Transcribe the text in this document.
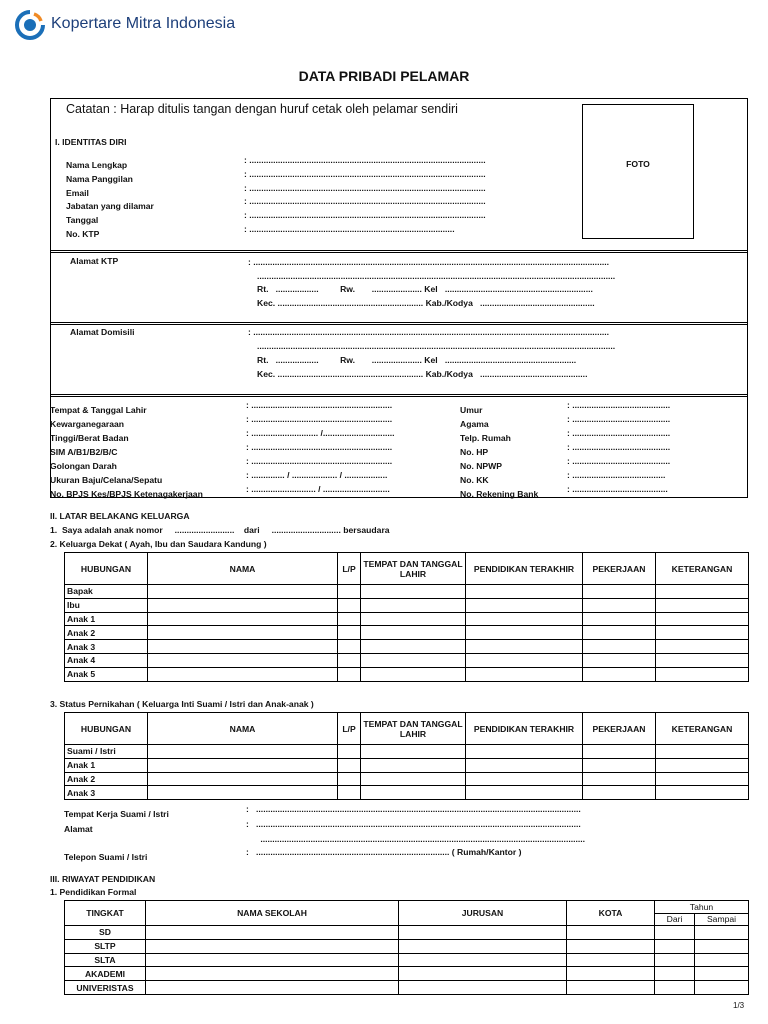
Kopertare Mitra Indonesia
DATA PRIBADI PELAMAR
Catatan : Harap ditulis tangan dengan huruf cetak oleh pelamar sendiri
FOTO
I. IDENTITAS DIRI
Nama Lengkap	: ...................................................................................................
Nama Panggilan	: ...................................................................................................
Email	: ...................................................................................................
Jabatan yang dilamar	: ...................................................................................................
Tanggal	: ...................................................................................................
No. KTP	: ......................................................................................
Alamat KTP	: .....................................................................................................................................................
......................................................................................................................................................
Rt.   ..................         Rw.       ..................... Kel   ..............................................................
Kec. ............................................................. Kab./Kodya   ................................................
Alamat Domisili	: .....................................................................................................................................................
......................................................................................................................................................
Rt.   ..................         Rw.       ..................... Kel   .......................................................
Kec. ............................................................. Kab./Kodya   .............................................
Tempat & Tanggal Lahir	: ...........................................................
Kewarganegaraan	: ...........................................................
Tinggi/Berat Badan	: ............................ /..............................
SIM A/B1/B2/B/C	: ...........................................................
Golongan Darah	: ...........................................................
Ukuran Baju/Celana/Sepatu	: .............. / ................... / ..................
No. BPJS Kes/BPJS Ketenagakerjaan	: ........................... / ............................
Umur	: .........................................
Agama	: .........................................
Telp. Rumah	: .........................................
No. HP	: .........................................
No. NPWP	: .........................................
No. KK	: .......................................
No. Rekening Bank	: ........................................
II. LATAR BELAKANG KELUARGA
1.  Saya adalah anak nomor     .........................    dari     ............................. bersaudara
2. Keluarga Dekat ( Ayah, Ibu dan Saudara Kandung )
HUBUNGAN	NAMA	L/P	TEMPAT DAN TANGGAL LAHIR	PENDIDIKAN TERAKHIR	PEKERJAAN	KETERANGAN
Bapak						
Ibu						
Anak 1						
Anak 2						
Anak 3						
Anak 4						
Anak 5						
3. Status Pernikahan ( Keluarga Inti Suami / Istri dan Anak-anak )
HUBUNGAN	NAMA	L/P	TEMPAT DAN TANGGAL LAHIR	PENDIDIKAN TERAKHIR	PEKERJAAN	KETERANGAN
Suami / Istri						
Anak 1						
Anak 2						
Anak 3						
Tempat Kerja Suami / Istri	:   ........................................................................................................................................
Alamat	:   ........................................................................................................................................
........................................................................................................................................
Telepon Suami / Istri	:   ................................................................................. ( Rumah/Kantor )
III. RIWAYAT PENDIDIKAN
1. Pendidikan Formal
TINGKAT	NAMA SEKOLAH	JURUSAN	KOTA	Tahun	
				Dari	Sampai
SD					
SLTP					
SLTA					
AKADEMI					
UNIVERISTAS					
1/3
